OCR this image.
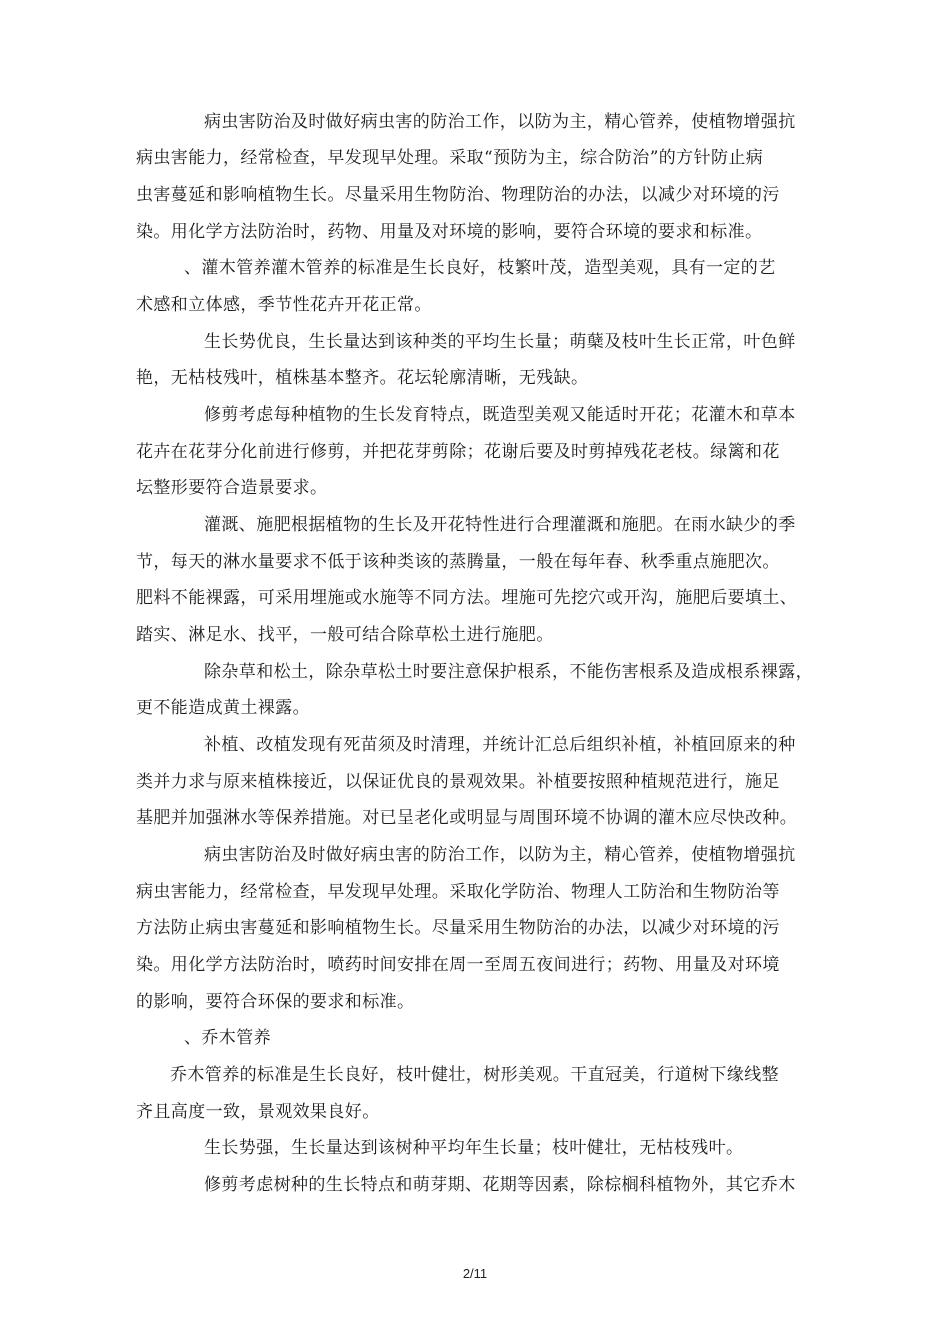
病虫害防治及时做好病虫害的防治工作，以防为主，精心管养，使植物增强抗
病虫害能力，经常检查，早发现早处理。采取“预防为主，综合防治”的方针防止病
虫害蔓延和影响植物生长。尽量采用生物防治、物理防治的办法，以减少对环境的污
染。用化学方法防治时，药物、用量及对环境的影响，要符合环境的要求和标准。
、灌木管养灌木管养的标准是生长良好，枝繁叶茂，造型美观，具有一定的艺
术感和立体感，季节性花卉开花正常。
生长势优良，生长量达到该种类的平均生长量；萌蘖及枝叶生长正常，叶色鲜
艳，无枯枝残叶，植株基本整齐。花坛轮廓清晰，无残缺。
修剪考虑每种植物的生长发育特点，既造型美观又能适时开花；花灌木和草本
花卉在花芽分化前进行修剪，并把花芽剪除；花谢后要及时剪掉残花老枝。绿篱和花
坛整形要符合造景要求。
灌溉、施肥根据植物的生长及开花特性进行合理灌溉和施肥。在雨水缺少的季
节，每天的淋水量要求不低于该种类该的蒸腾量，一般在每年春、秋季重点施肥次。
肥料不能裸露，可采用埋施或水施等不同方法。埋施可先挖穴或开沟，施肥后要填土、
踏实、淋足水、找平，一般可结合除草松土进行施肥。
除杂草和松土，除杂草松土时要注意保护根系，不能伤害根系及造成根系裸露，
更不能造成黄土裸露。
补植、改植发现有死苗须及时清理，并统计汇总后组织补植，补植回原来的种
类并力求与原来植株接近，以保证优良的景观效果。补植要按照种植规范进行，施足
基肥并加强淋水等保养措施。对已呈老化或明显与周围环境不协调的灌木应尽快改种。
病虫害防治及时做好病虫害的防治工作，以防为主，精心管养，使植物增强抗
病虫害能力，经常检查，早发现早处理。采取化学防治、物理人工防治和生物防治等
方法防止病虫害蔓延和影响植物生长。尽量采用生物防治的办法，以减少对环境的污
染。用化学方法防治时，喷药时间安排在周一至周五夜间进行；药物、用量及对环境
的影响，要符合环保的要求和标准。
、乔木管养
乔木管养的标准是生长良好，枝叶健壮，树形美观。干直冠美，行道树下缘线整
齐且高度一致，景观效果良好。
生长势强，生长量达到该树种平均年生长量；枝叶健壮，无枯枝残叶。
修剪考虑树种的生长特点和萌芽期、花期等因素，除棕榈科植物外，其它乔木
2/11
